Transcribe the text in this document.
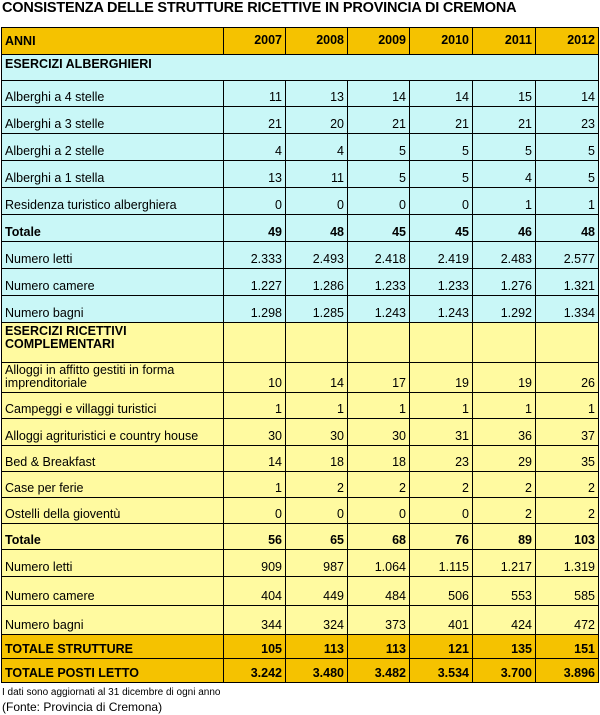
CONSISTENZA DELLE STRUTTURE RICETTIVE IN PROVINCIA DI CREMONA
ANNI	2007	2008	2009	2010	2011	2012
ESERCIZI ALBERGHIERI						
Alberghi a 4 stelle	11	13	14	14	15	14
Alberghi a 3 stelle	21	20	21	21	21	23
Alberghi a 2 stelle	4	4	5	5	5	5
Alberghi a 1 stella	13	11	5	5	4	5
Residenza turistico alberghiera	0	0	0	0	1	1
Totale	49	48	45	45	46	48
Numero letti	2.333	2.493	2.418	2.419	2.483	2.577
Numero camere	1.227	1.286	1.233	1.233	1.276	1.321
Numero bagni	1.298	1.285	1.243	1.243	1.292	1.334
ESERCIZI RICETTIVI COMPLEMENTARI						
Alloggi in affitto gestiti in forma imprenditoriale	10	14	17	19	19	26
Campeggi e villaggi turistici	1	1	1	1	1	1
Alloggi agrituristici e country house	30	30	30	31	36	37
Bed & Breakfast	14	18	18	23	29	35
Case per ferie	1	2	2	2	2	2
Ostelli della gioventù	0	0	0	0	2	2
Totale	56	65	68	76	89	103
Numero letti	909	987	1.064	1.115	1.217	1.319
Numero camere	404	449	484	506	553	585
Numero bagni	344	324	373	401	424	472
TOTALE STRUTTURE	105	113	113	121	135	151
TOTALE POSTI LETTO	3.242	3.480	3.482	3.534	3.700	3.896
I dati sono aggiornati al 31 dicembre di ogni anno
(Fonte: Provincia di Cremona)
